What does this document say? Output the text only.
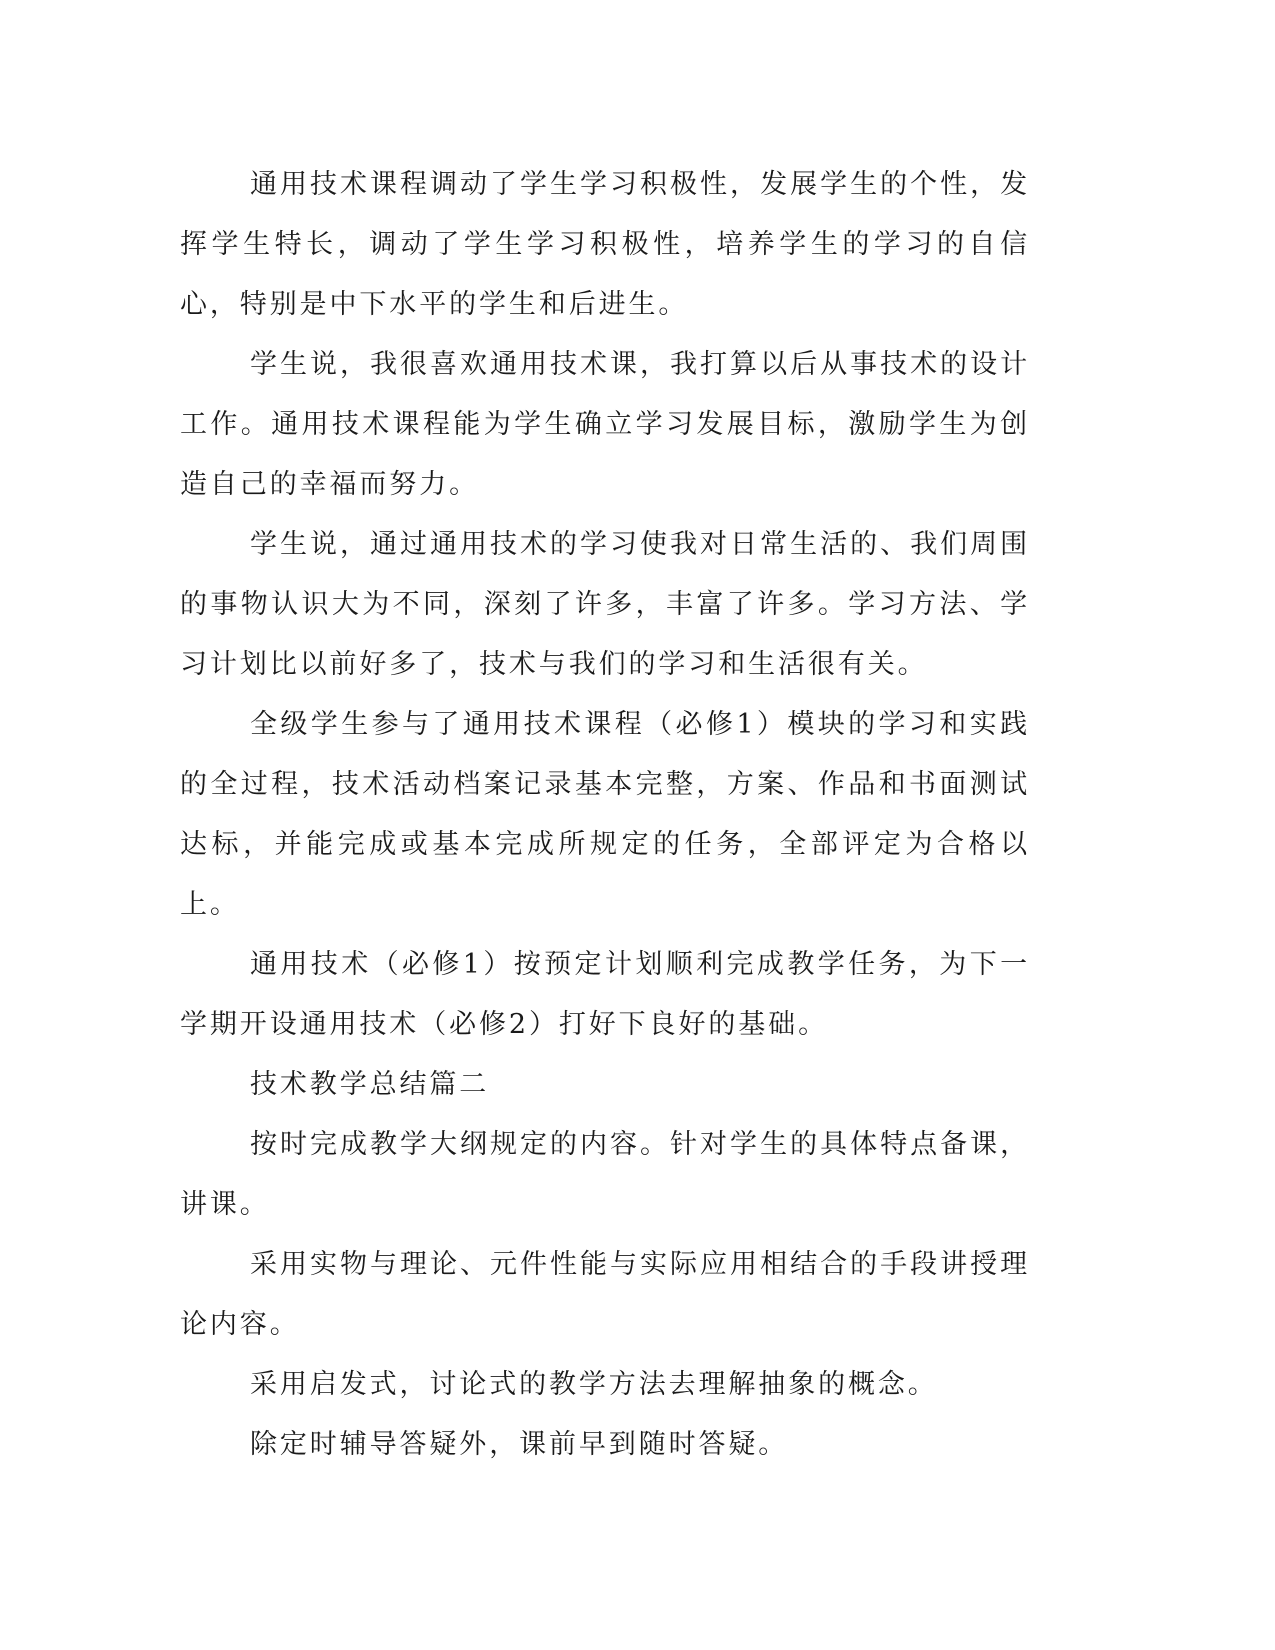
通用技术课程调动了学生学习积极性，发展学生的个性，发挥学生特长，调动了学生学习积极性，培养学生的学习的自信心，特别是中下水平的学生和后进生。

学生说，我很喜欢通用技术课，我打算以后从事技术的设计工作。通用技术课程能为学生确立学习发展目标，激励学生为创造自己的幸福而努力。

学生说，通过通用技术的学习使我对日常生活的、我们周围的事物认识大为不同，深刻了许多，丰富了许多。学习方法、学习计划比以前好多了，技术与我们的学习和生活很有关。

全级学生参与了通用技术课程（必修1）模块的学习和实践的全过程，技术活动档案记录基本完整，方案、作品和书面测试达标，并能完成或基本完成所规定的任务，全部评定为合格以上。

通用技术（必修1）按预定计划顺利完成教学任务，为下一学期开设通用技术（必修2）打好下良好的基础。

技术教学总结篇二

按时完成教学大纲规定的内容。针对学生的具体特点备课，讲课。

采用实物与理论、元件性能与实际应用相结合的手段讲授理论内容。

采用启发式，讨论式的教学方法去理解抽象的概念。

除定时辅导答疑外，课前早到随时答疑。
